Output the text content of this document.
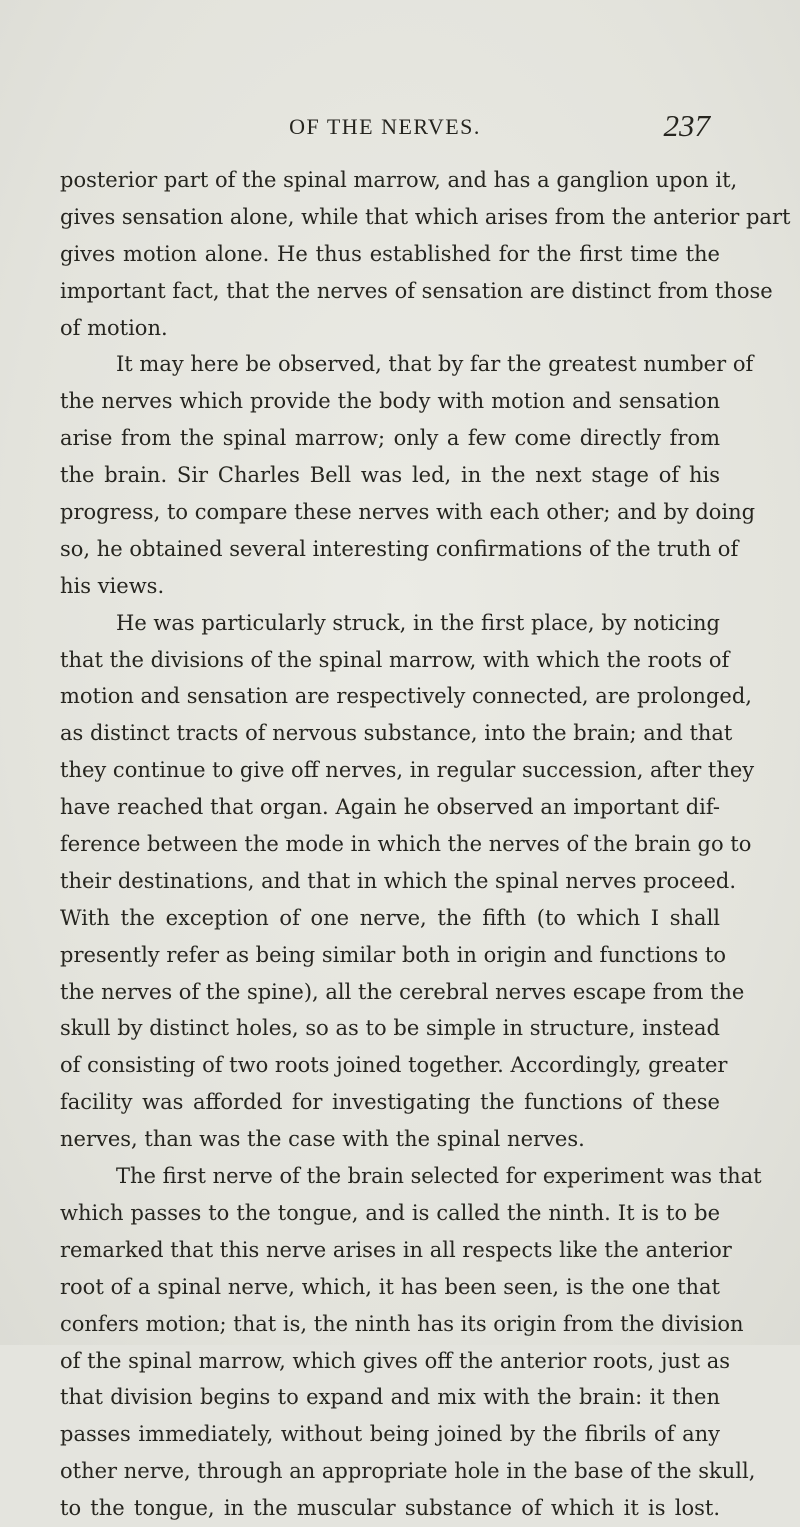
OF THE NERVES.	237
posterior part of the spinal marrow, and has a ganglion upon it,
gives sensation alone, while that which arises from the anterior part
gives motion alone. He thus established for the first time the
important fact, that the nerves of sensation are distinct from those
of motion.
It may here be observed, that by far the greatest number of
the nerves which provide the body with motion and sensation
arise from the spinal marrow; only a few come directly from
the brain. Sir Charles Bell was led, in the next stage of his
progress, to compare these nerves with each other; and by doing
so, he obtained several interesting confirmations of the truth of
his views.
He was particularly struck, in the first place, by noticing
that the divisions of the spinal marrow, with which the roots of
motion and sensation are respectively connected, are prolonged,
as distinct tracts of nervous substance, into the brain; and that
they continue to give off nerves, in regular succession, after they
have reached that organ. Again he observed an important dif-
ference between the mode in which the nerves of the brain go to
their destinations, and that in which the spinal nerves proceed.
With the exception of one nerve, the fifth (to which I shall
presently refer as being similar both in origin and functions to
the nerves of the spine), all the cerebral nerves escape from the
skull by distinct holes, so as to be simple in structure, instead
of consisting of two roots joined together. Accordingly, greater
facility was afforded for investigating the functions of these
nerves, than was the case with the spinal nerves.
The first nerve of the brain selected for experiment was that
which passes to the tongue, and is called the ninth. It is to be
remarked that this nerve arises in all respects like the anterior
root of a spinal nerve, which, it has been seen, is the one that
confers motion; that is, the ninth has its origin from the division
of the spinal marrow, which gives off the anterior roots, just as
that division begins to expand and mix with the brain: it then
passes immediately, without being joined by the fibrils of any
other nerve, through an appropriate hole in the base of the skull,
to the tongue, in the muscular substance of which it is lost.
